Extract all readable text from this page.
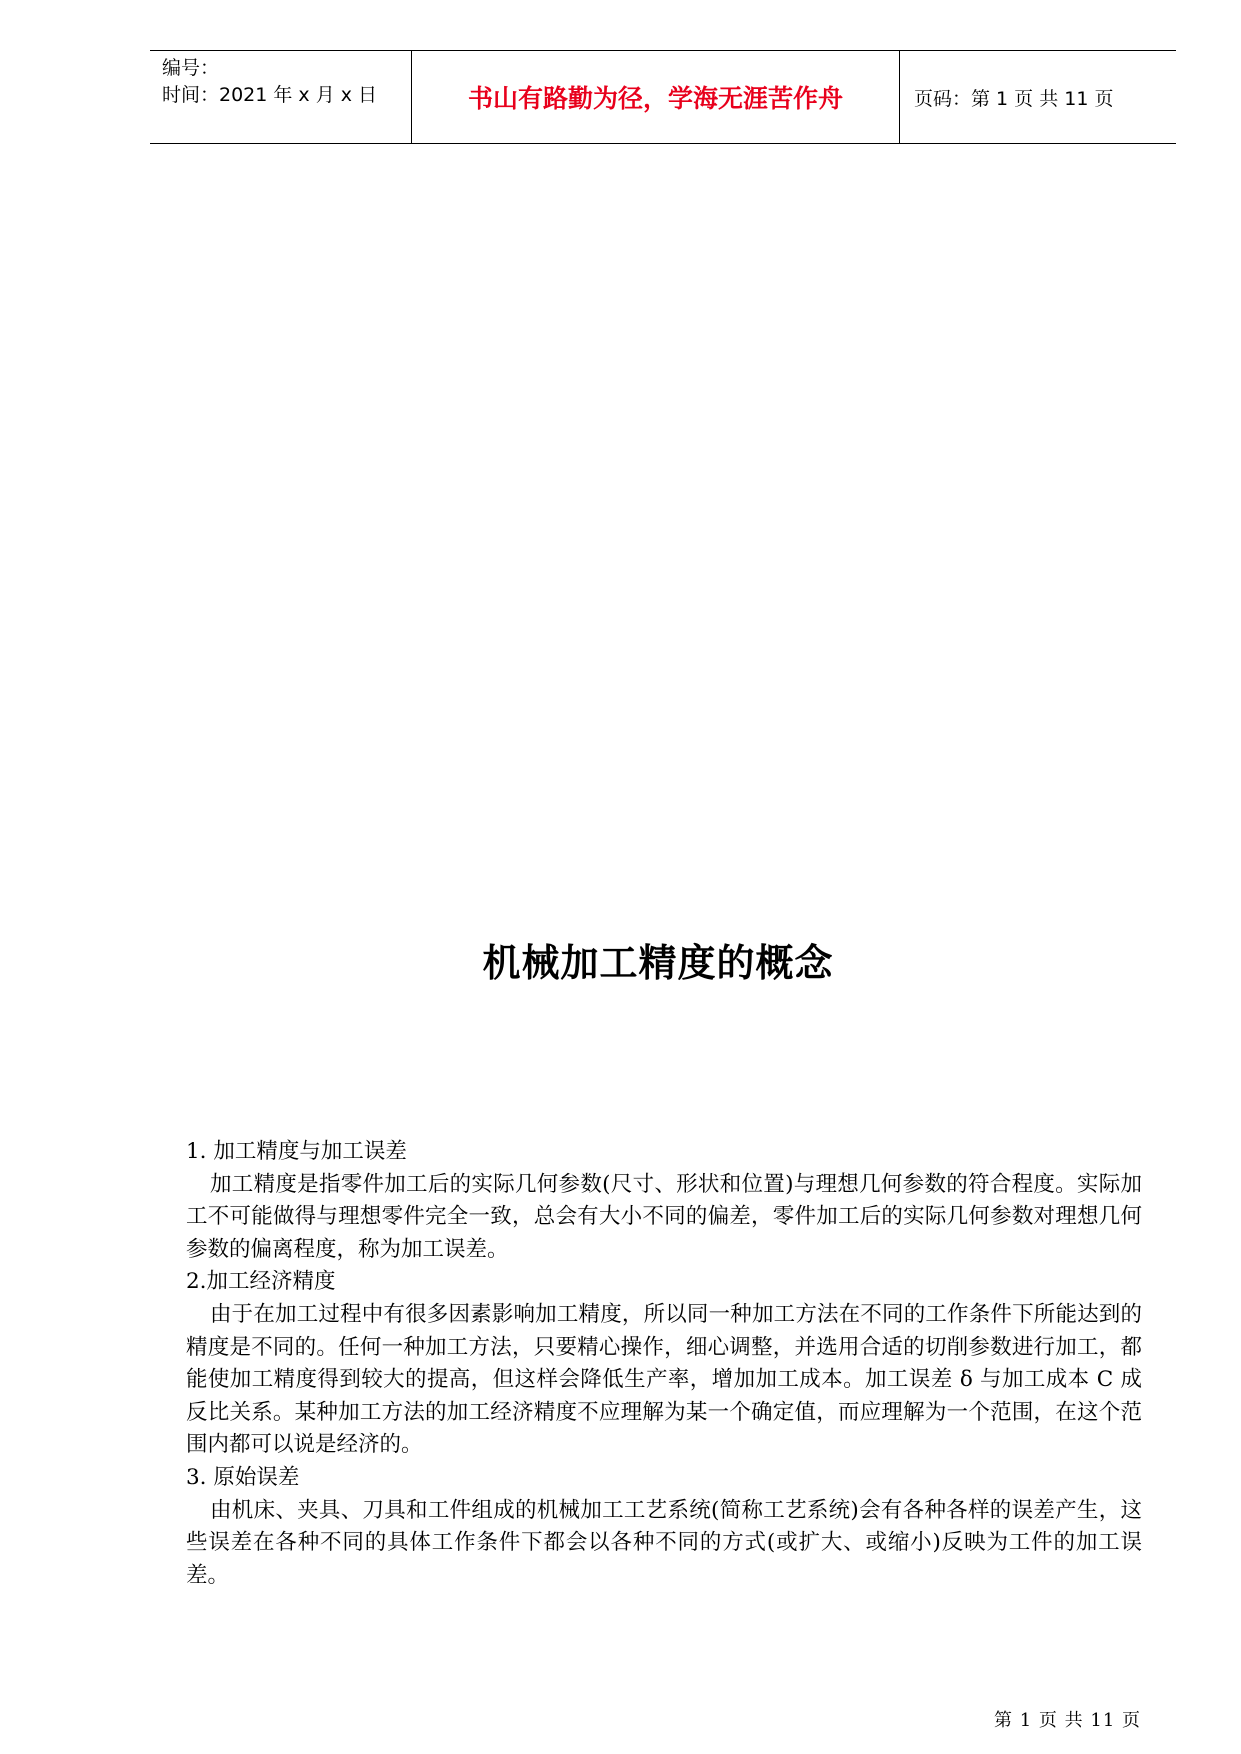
编号：
时间：2021 年 x 月 x 日	书山有路勤为径，学海无涯苦作舟	页码：第 1 页 共 11 页
机械加工精度的概念

1. 加工精度与加工误差

加工精度是指零件加工后的实际几何参数(尺寸、形状和位置)与理想几何参数的符合程度。实际加工不可能做得与理想零件完全一致，总会有大小不同的偏差，零件加工后的实际几何参数对理想几何参数的偏离程度，称为加工误差。

2.加工经济精度

由于在加工过程中有很多因素影响加工精度，所以同一种加工方法在不同的工作条件下所能达到的精度是不同的。任何一种加工方法，只要精心操作，细心调整，并选用合适的切削参数进行加工，都能使加工精度得到较大的提高，但这样会降低生产率，增加加工成本。加工误差 δ 与加工成本 C 成反比关系。某种加工方法的加工经济精度不应理解为某一个确定值，而应理解为一个范围，在这个范围内都可以说是经济的。

3. 原始误差

由机床、夹具、刀具和工件组成的机械加工工艺系统(简称工艺系统)会有各种各样的误差产生，这些误差在各种不同的具体工作条件下都会以各种不同的方式(或扩大、或缩小)反映为工件的加工误差。

第 1 页 共 11 页
